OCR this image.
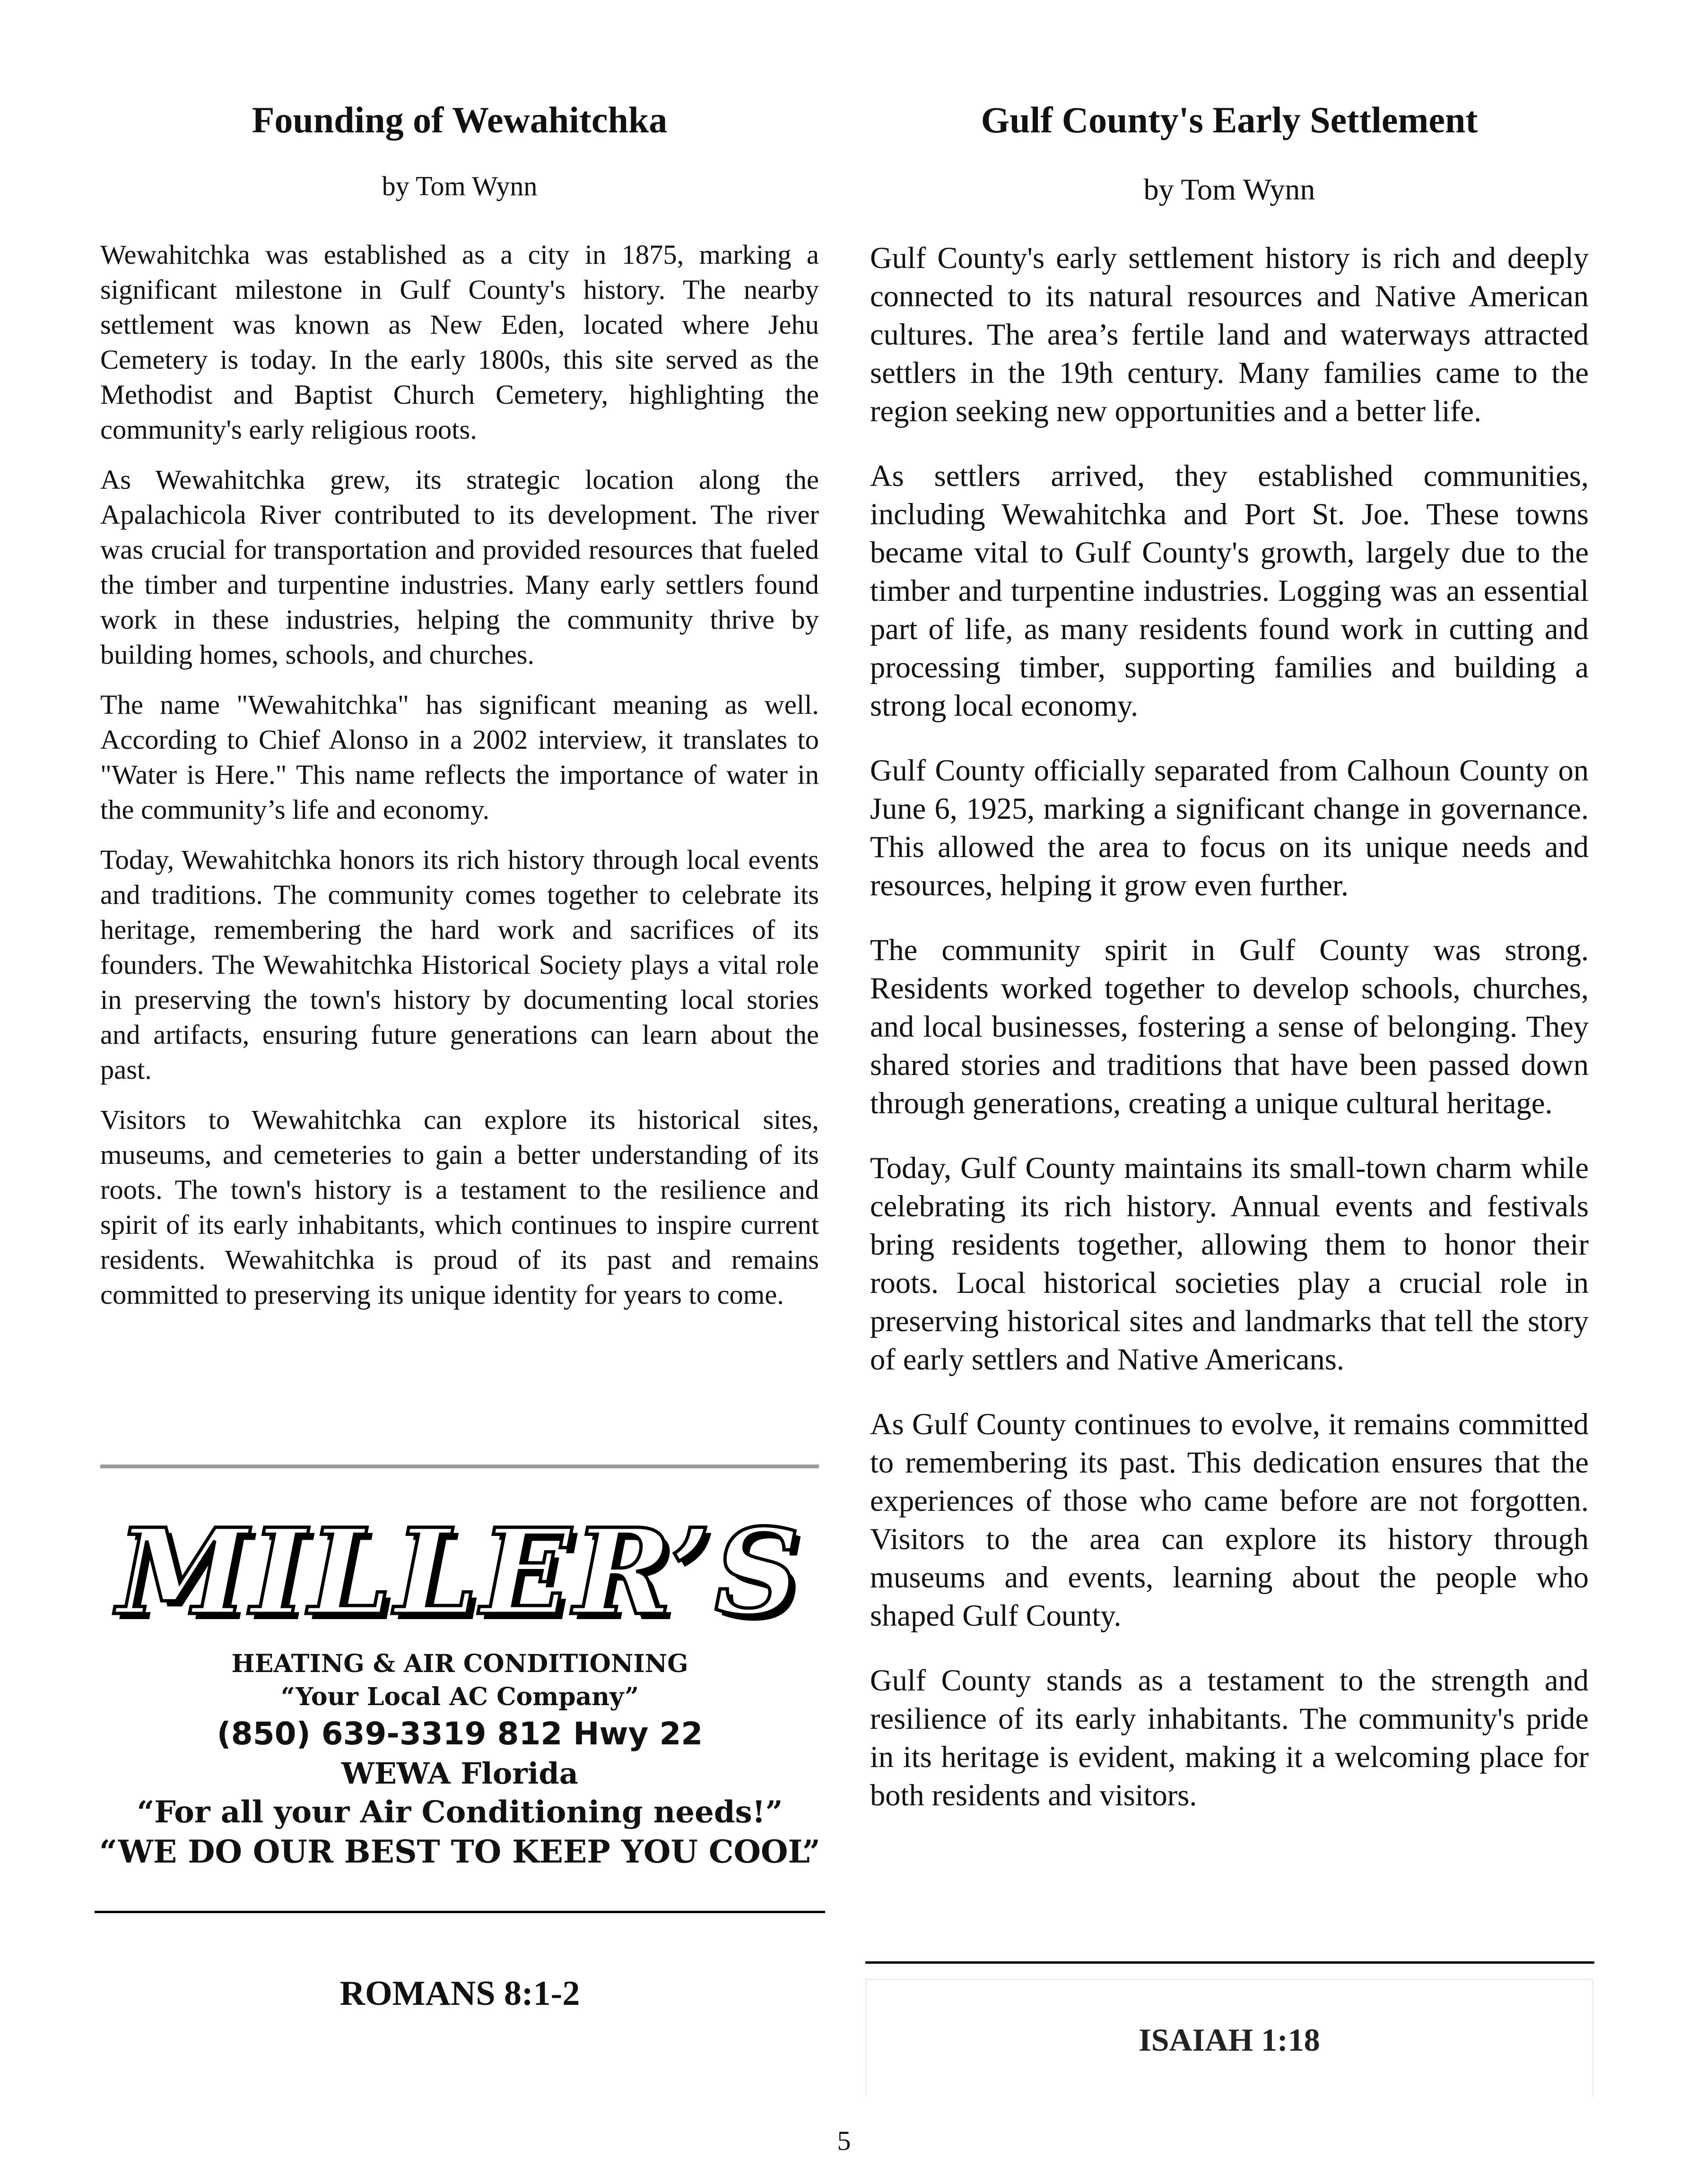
Founding of Wewahitchka
by Tom Wynn

Wewahitchka was established as a city in 1875, marking a significant milestone in Gulf County's history. The nearby settlement was known as New Eden, located where Jehu Cemetery is today. In the early 1800s, this site served as the Methodist and Baptist Church Cemetery, highlighting the community's early religious roots.

As Wewahitchka grew, its strategic location along the Apalachicola River contributed to its development. The river was crucial for transportation and provided resources that fueled the timber and turpentine industries. Many early settlers found work in these industries, helping the community thrive by building homes, schools, and churches.

The name "Wewahitchka" has significant meaning as well. According to Chief Alonso in a 2002 interview, it translates to "Water is Here." This name reflects the importance of water in the community’s life and economy.

Today, Wewahitchka honors its rich history through local events and traditions. The community comes together to celebrate its heritage, remembering the hard work and sacrifices of its founders. The Wewahitchka Historical Society plays a vital role in preserving the town's history by documenting local stories and artifacts, ensuring future generations can learn about the past.

Visitors to Wewahitchka can explore its historical sites, museums, and cemeteries to gain a better understanding of its roots. The town's history is a testament to the resilience and spirit of its early inhabitants, which continues to inspire current residents. Wewahitchka is proud of its past and remains committed to preserving its unique identity for years to come.

Gulf County's Early Settlement
by Tom Wynn

Gulf County's early settlement history is rich and deeply connected to its natural resources and Native American cultures. The area’s fertile land and waterways attracted settlers in the 19th century. Many families came to the region seeking new opportunities and a better life.

As settlers arrived, they established communities, including Wewahitchka and Port St. Joe. These towns became vital to Gulf County's growth, largely due to the timber and turpentine industries. Logging was an essential part of life, as many residents found work in cutting and processing timber, supporting families and building a strong local economy.

Gulf County officially separated from Calhoun County on June 6, 1925, marking a significant change in governance. This allowed the area to focus on its unique needs and resources, helping it grow even further.

The community spirit in Gulf County was strong. Residents worked together to develop schools, churches, and local businesses, fostering a sense of belonging. They shared stories and traditions that have been passed down through generations, creating a unique cultural heritage.

Today, Gulf County maintains its small-town charm while celebrating its rich history. Annual events and festivals bring residents together, allowing them to honor their roots. Local historical societies play a crucial role in preserving historical sites and landmarks that tell the story of early settlers and Native Americans.

As Gulf County continues to evolve, it remains committed to remembering its past. This dedication ensures that the experiences of those who came before are not forgotten. Visitors to the area can explore its history through museums and events, learning about the people who shaped Gulf County.

Gulf County stands as a testament to the strength and resilience of its early inhabitants. The community's pride in its heritage is evident, making it a welcoming place for both residents and visitors.

MILLER’S
HEATING & AIR CONDITIONING
“Your Local AC Company”
(850) 639-3319 812 Hwy 22
WEWA Florida
“For all your Air Conditioning needs!”
“WE DO OUR BEST TO KEEP YOU COOL”
ROMANS 8:1-2
ISAIAH 1:18
5
